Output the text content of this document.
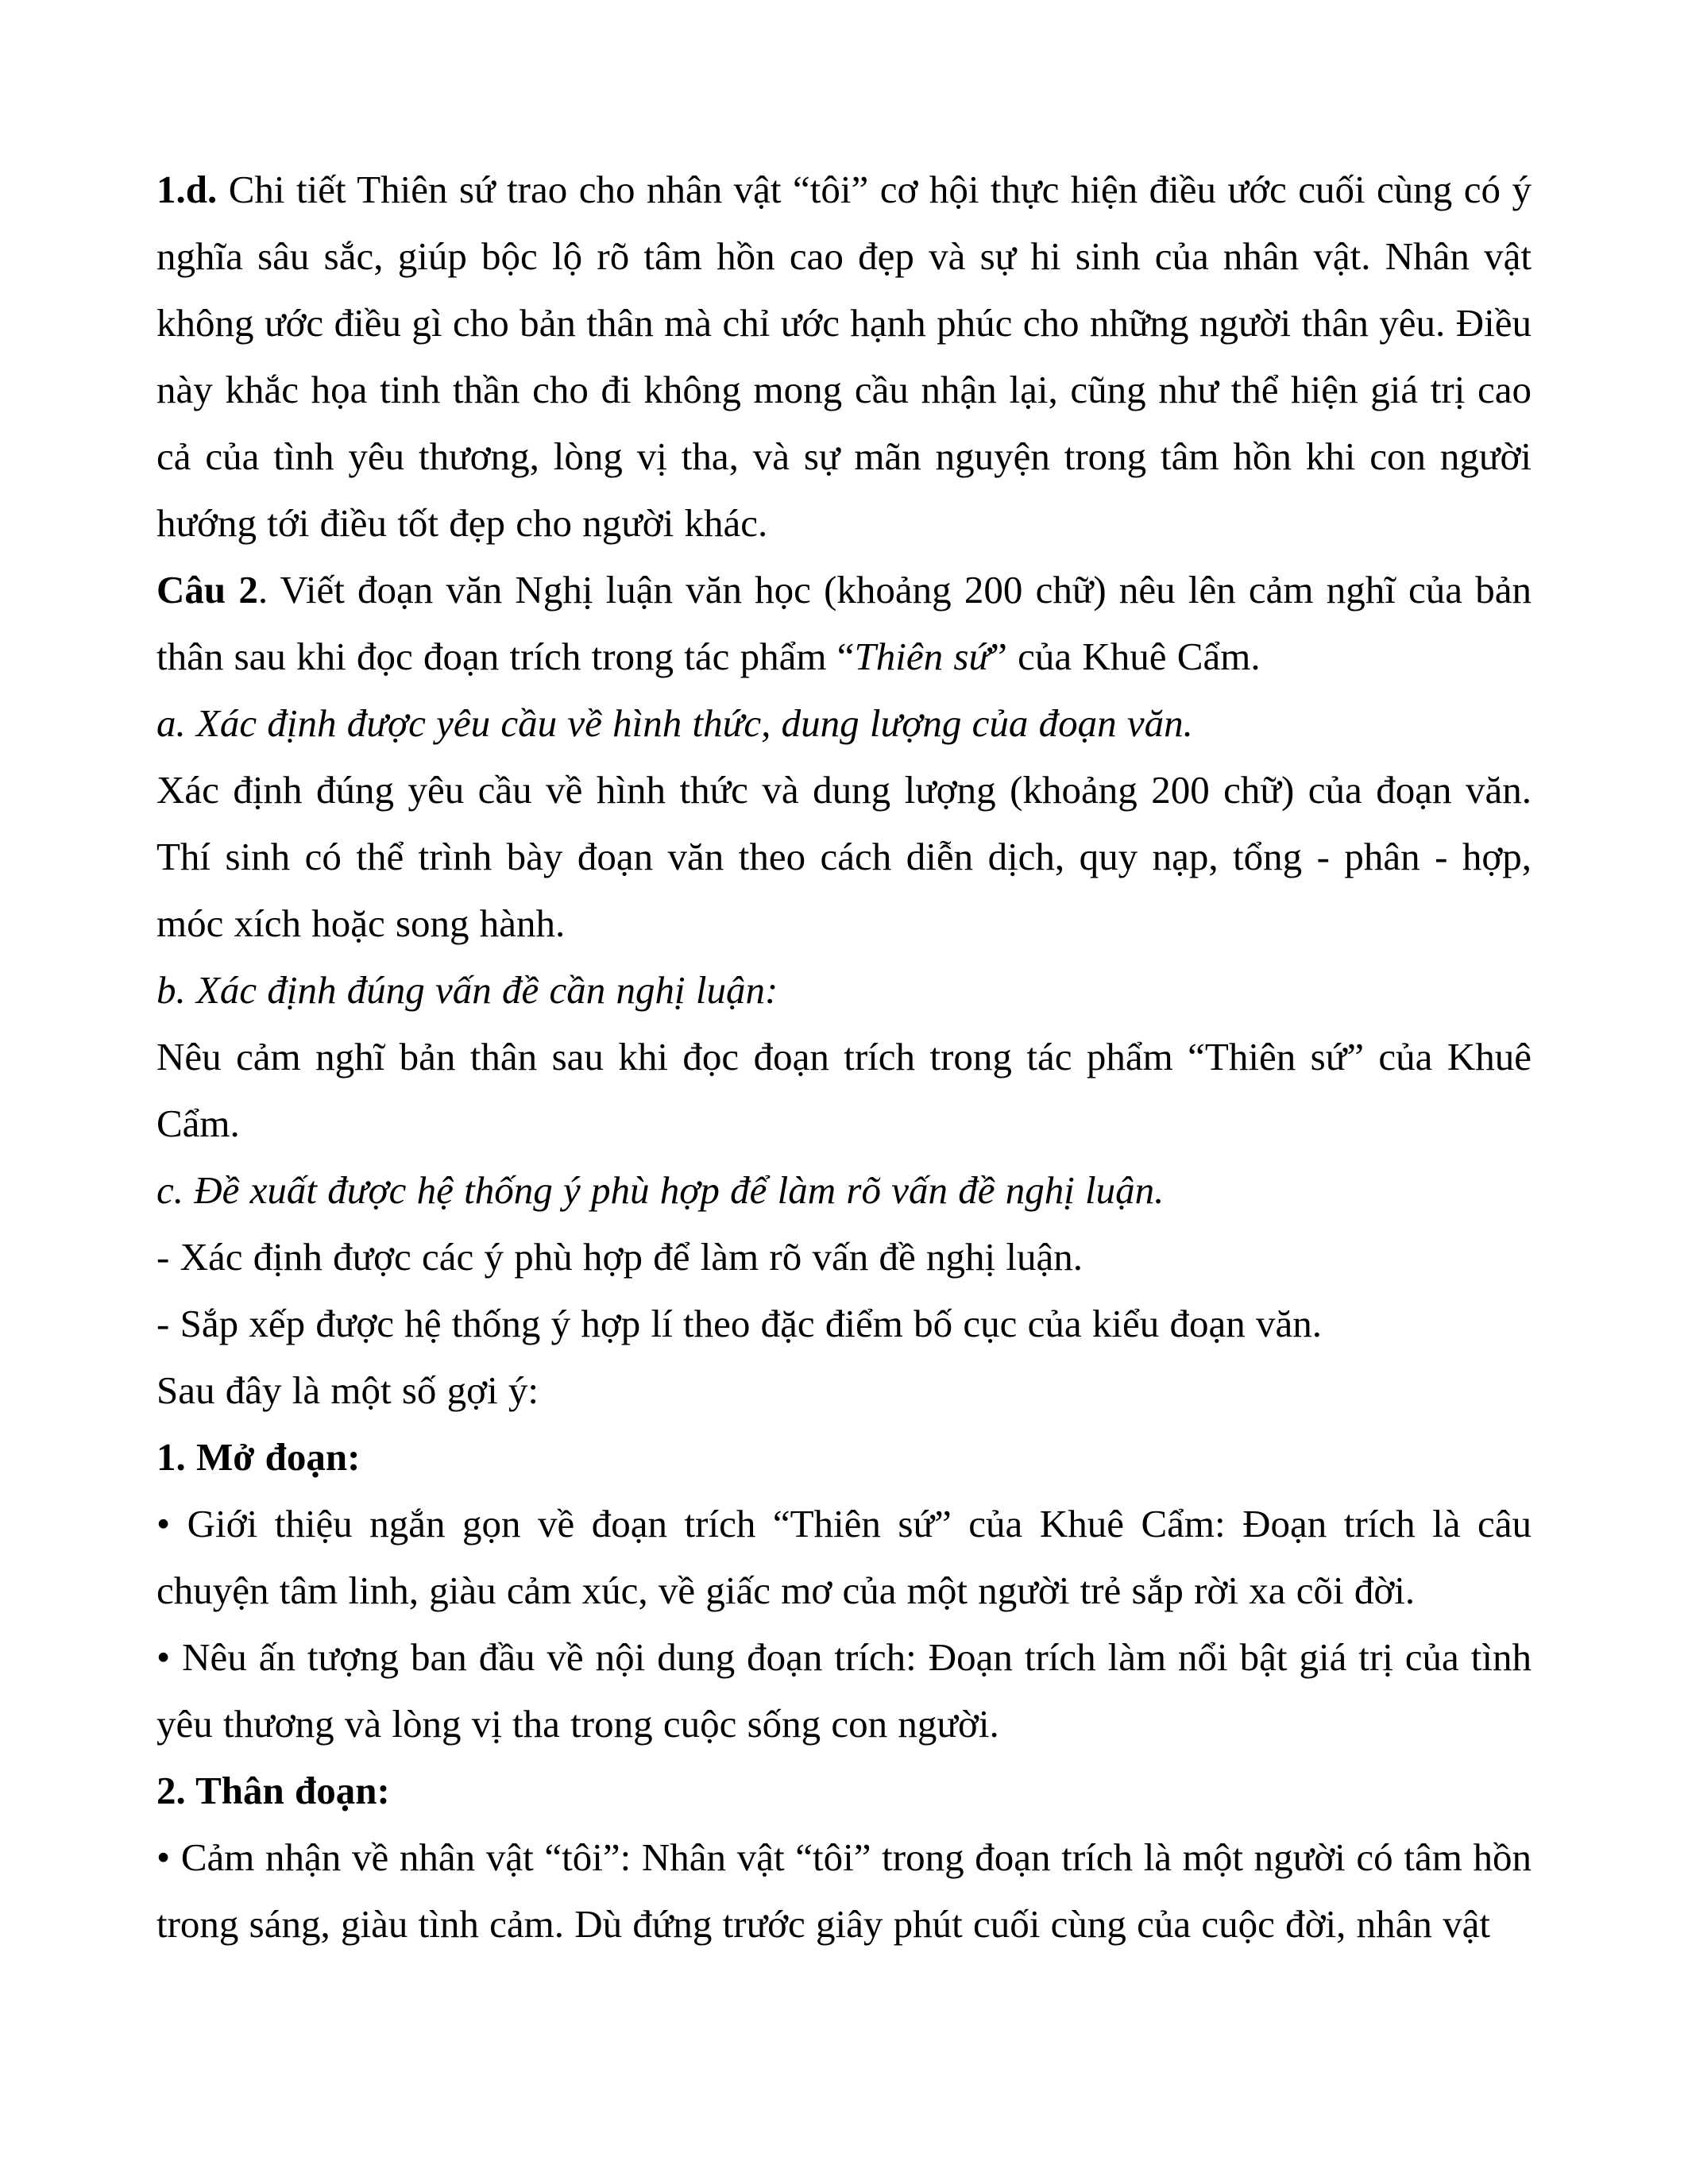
1.d. Chi tiết Thiên sứ trao cho nhân vật “tôi” cơ hội thực hiện điều ước cuối cùng có ý nghĩa sâu sắc, giúp bộc lộ rõ tâm hồn cao đẹp và sự hi sinh của nhân vật. Nhân vật không ước điều gì cho bản thân mà chỉ ước hạnh phúc cho những người thân yêu. Điều này khắc họa tinh thần cho đi không mong cầu nhận lại, cũng như thể hiện giá trị cao cả của tình yêu thương, lòng vị tha, và sự mãn nguyện trong tâm hồn khi con người hướng tới điều tốt đẹp cho người khác.

Câu 2. Viết đoạn văn Nghị luận văn học (khoảng 200 chữ) nêu lên cảm nghĩ của bản thân sau khi đọc đoạn trích trong tác phẩm “Thiên sứ” của Khuê Cẩm.

a. Xác định được yêu cầu về hình thức, dung lượng của đoạn văn.

Xác định đúng yêu cầu về hình thức và dung lượng (khoảng 200 chữ) của đoạn văn. Thí sinh có thể trình bày đoạn văn theo cách diễn dịch, quy nạp, tổng - phân - hợp, móc xích hoặc song hành.

b. Xác định đúng vấn đề cần nghị luận:

Nêu cảm nghĩ bản thân sau khi đọc đoạn trích trong tác phẩm “Thiên sứ” của Khuê Cẩm.

c. Đề xuất được hệ thống ý phù hợp để làm rõ vấn đề nghị luận.

- Xác định được các ý phù hợp để làm rõ vấn đề nghị luận.

- Sắp xếp được hệ thống ý hợp lí theo đặc điểm bố cục của kiểu đoạn văn.

Sau đây là một số gợi ý:

1. Mở đoạn:

• Giới thiệu ngắn gọn về đoạn trích “Thiên sứ” của Khuê Cẩm: Đoạn trích là câu chuyện tâm linh, giàu cảm xúc, về giấc mơ của một người trẻ sắp rời xa cõi đời.

• Nêu ấn tượng ban đầu về nội dung đoạn trích: Đoạn trích làm nổi bật giá trị của tình yêu thương và lòng vị tha trong cuộc sống con người.

2. Thân đoạn:

• Cảm nhận về nhân vật “tôi”: Nhân vật “tôi” trong đoạn trích là một người có tâm hồn trong sáng, giàu tình cảm. Dù đứng trước giây phút cuối cùng của cuộc đời, nhân vật
